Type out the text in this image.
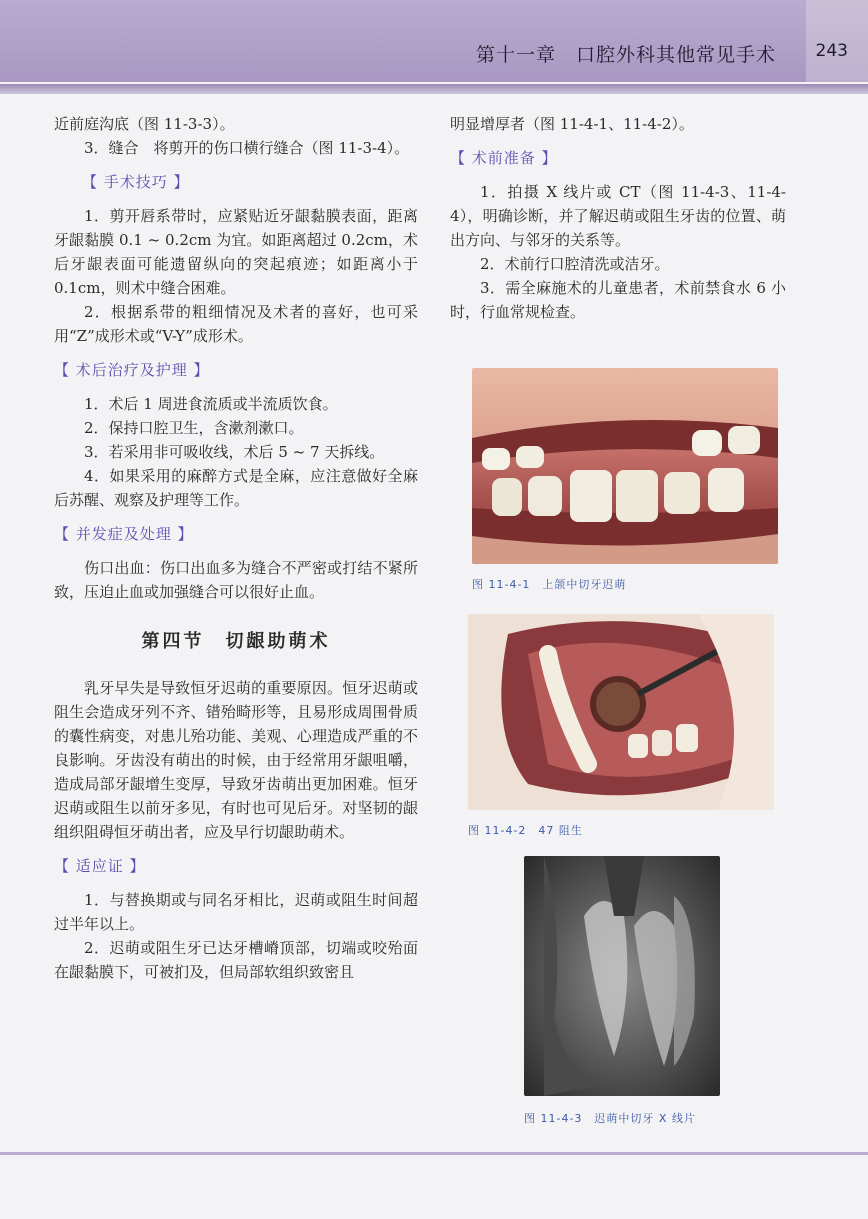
第十一章　口腔外科其他常见手术 243

近前庭沟底（图 11-3-3）。

3．缝合　将剪开的伤口横行缝合（图 11-3-4）。

【 手术技巧 】

1．剪开唇系带时，应紧贴近牙龈黏膜表面，距离牙龈黏膜 0.1 ~ 0.2cm 为宜。如距离超过 0.2cm，术后牙龈表面可能遗留纵向的突起痕迹；如距离小于 0.1cm，则术中缝合困难。

2．根据系带的粗细情况及术者的喜好，也可采用“Z”成形术或“V-Y”成形术。

【 术后治疗及护理 】

1．术后 1 周进食流质或半流质饮食。

2．保持口腔卫生，含漱剂漱口。

3．若采用非可吸收线，术后 5 ~ 7 天拆线。

4．如果采用的麻醉方式是全麻，应注意做好全麻后苏醒、观察及护理等工作。

【 并发症及处理 】

伤口出血：伤口出血多为缝合不严密或打结不紧所致，压迫止血或加强缝合可以很好止血。

第四节　切龈助萌术

乳牙早失是导致恒牙迟萌的重要原因。恒牙迟萌或阻生会造成牙列不齐、错殆畸形等，且易形成周围骨质的囊性病变，对患儿殆功能、美观、心理造成严重的不良影响。牙齿没有萌出的时候，由于经常用牙龈咀嚼，造成局部牙龈增生变厚，导致牙齿萌出更加困难。恒牙迟萌或阻生以前牙多见，有时也可见后牙。对坚韧的龈组织阻碍恒牙萌出者，应及早行切龈助萌术。

【 适应证 】

1．与替换期或与同名牙相比，迟萌或阻生时间超过半年以上。

2．迟萌或阻生牙已达牙槽嵴顶部，切端或咬殆面在龈黏膜下，可被扪及，但局部软组织致密且

明显增厚者（图 11-4-1、11-4-2）。

【 术前准备 】

1．拍摄 X 线片或 CT（图 11-4-3、11-4-4），明确诊断，并了解迟萌或阻生牙齿的位置、萌出方向、与邻牙的关系等。

2．术前行口腔清洗或洁牙。

3．需全麻施术的儿童患者，术前禁食水 6 小时，行血常规检查。

图 11-4-1　上颌中切牙迟萌
图 11-4-2　47 阻生
图 11-4-3　迟萌中切牙 X 线片
